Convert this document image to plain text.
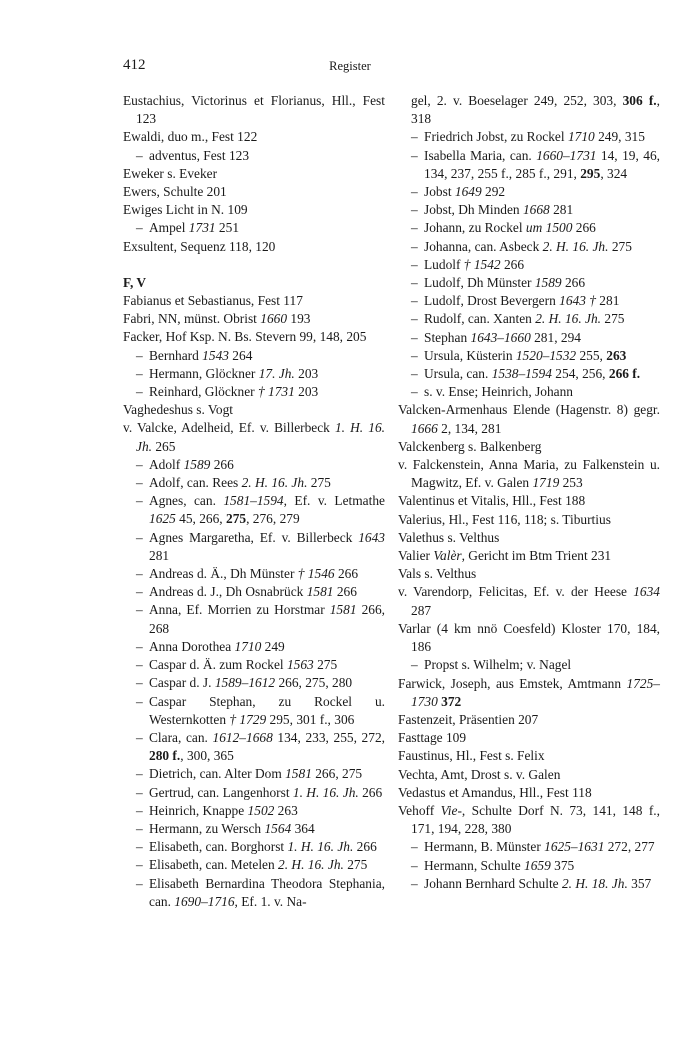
412	Register
Eustachius, Victorinus et Florianus, Hll., Fest 123
Ewaldi, duo m., Fest 122
– adventus, Fest 123
Eweker s. Eveker
Ewers, Schulte 201
Ewiges Licht in N. 109
– Ampel 1731 251
Exsultent, Sequenz 118, 120
F, V
Fabianus et Sebastianus, Fest 117
Fabri, NN, münst. Obrist 1660 193
Facker, Hof Ksp. N. Bs. Stevern 99, 148, 205
– Bernhard 1543 264
– Hermann, Glöckner 17. Jh. 203
– Reinhard, Glöckner † 1731 203
Vaghedeshus s. Vogt
v. Valcke, Adelheid, Ef. v. Billerbeck 1. H. 16. Jh. 265
– Adolf 1589 266
– Adolf, can. Rees 2. H. 16. Jh. 275
– Agnes, can. 1581–1594, Ef. v. Letmathe 1625 45, 266, 275, 276, 279
– Agnes Margaretha, Ef. v. Billerbeck 1643 281
– Andreas d. Ä., Dh Münster † 1546 266
– Andreas d. J., Dh Osnabrück 1581 266
– Anna, Ef. Morrien zu Horstmar 1581 266, 268
– Anna Dorothea 1710 249
– Caspar d. Ä. zum Rockel 1563 275
– Caspar d. J. 1589–1612 266, 275, 280
– Caspar Stephan, zu Rockel u. Westernkotten † 1729 295, 301 f., 306
– Clara, can. 1612–1668 134, 233, 255, 272, 280 f., 300, 365
– Dietrich, can. Alter Dom 1581 266, 275
– Gertrud, can. Langenhorst 1. H. 16. Jh. 266
– Heinrich, Knappe 1502 263
– Hermann, zu Wersch 1564 364
– Elisabeth, can. Borghorst 1. H. 16. Jh. 266
– Elisabeth, can. Metelen 2. H. 16. Jh. 275
– Elisabeth Bernardina Theodora Stephania, can. 1690–1716, Ef. 1. v. Na-
gel, 2. v. Boeselager 249, 252, 303, 306 f., 318
– Friedrich Jobst, zu Rockel 1710 249, 315
– Isabella Maria, can. 1660–1731 14, 19, 46, 134, 237, 255 f., 285 f., 291, 295, 324
– Jobst 1649 292
– Jobst, Dh Minden 1668 281
– Johann, zu Rockel um 1500 266
– Johanna, can. Asbeck 2. H. 16. Jh. 275
– Ludolf † 1542 266
– Ludolf, Dh Münster 1589 266
– Ludolf, Drost Bevergern 1643 † 281
– Rudolf, can. Xanten 2. H. 16. Jh. 275
– Stephan 1643–1660 281, 294
– Ursula, Küsterin 1520–1532 255, 263
– Ursula, can. 1538–1594 254, 256, 266 f.
– s. v. Ense; Heinrich, Johann
Valcken-Armenhaus Elende (Hagenstr. 8) gegr. 1666 2, 134, 281
Valckenberg s. Balkenberg
v. Falckenstein, Anna Maria, zu Falkenstein u. Magwitz, Ef. v. Galen 1719 253
Valentinus et Vitalis, Hll., Fest 188
Valerius, Hl., Fest 116, 118; s. Tiburtius
Valethus s. Velthus
Valier Valèr, Gericht im Btm Trient 231
Vals s. Velthus
v. Varendorp, Felicitas, Ef. v. der Heese 1634 287
Varlar (4 km nnö Coesfeld) Kloster 170, 184, 186
– Propst s. Wilhelm; v. Nagel
Farwick, Joseph, aus Emstek, Amtmann 1725–1730 372
Fastenzeit, Präsentien 207
Fasttage 109
Faustinus, Hl., Fest s. Felix
Vechta, Amt, Drost s. v. Galen
Vedastus et Amandus, Hll., Fest 118
Vehoff Vie-, Schulte Dorf N. 73, 141, 148 f., 171, 194, 228, 380
– Hermann, B. Münster 1625–1631 272, 277
– Hermann, Schulte 1659 375
– Johann Bernhard Schulte 2. H. 18. Jh. 357
